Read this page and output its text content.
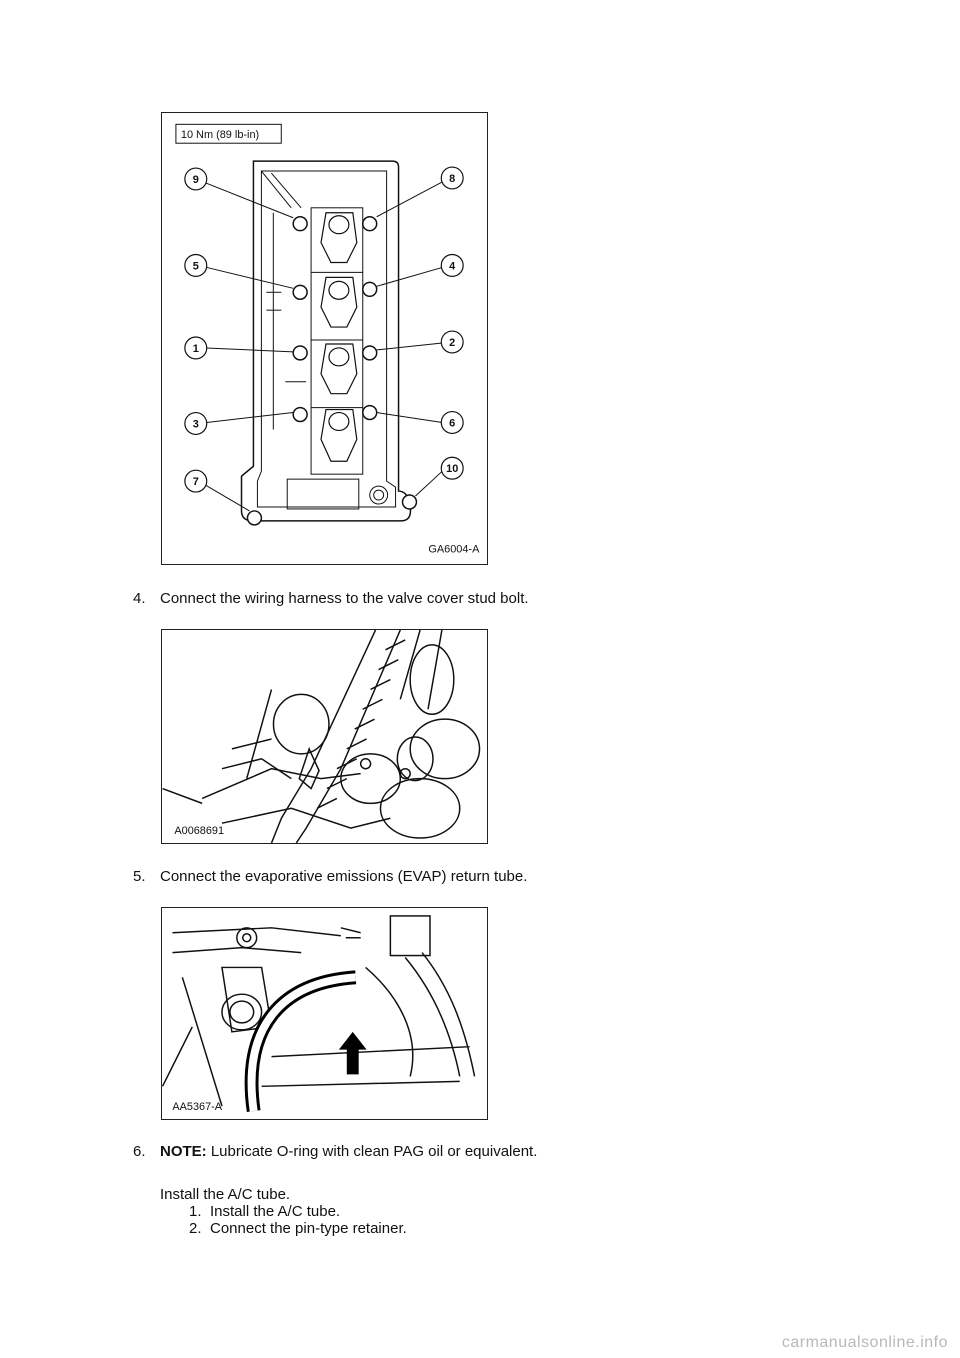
10 Nm (89 lb-in)
9	8
5	4
1	2
3	6
7
10
GA6004-A
4. Connect the wiring harness to the valve cover stud bolt.
A0068691
5. Connect the evaporative emissions (EVAP) return tube.
AA5367-A
6. NOTE: Lubricate O-ring with clean PAG oil or equivalent.
Install the A/C tube.
1. Install the A/C tube.
2. Connect the pin-type retainer.
carmanualsonline.info
